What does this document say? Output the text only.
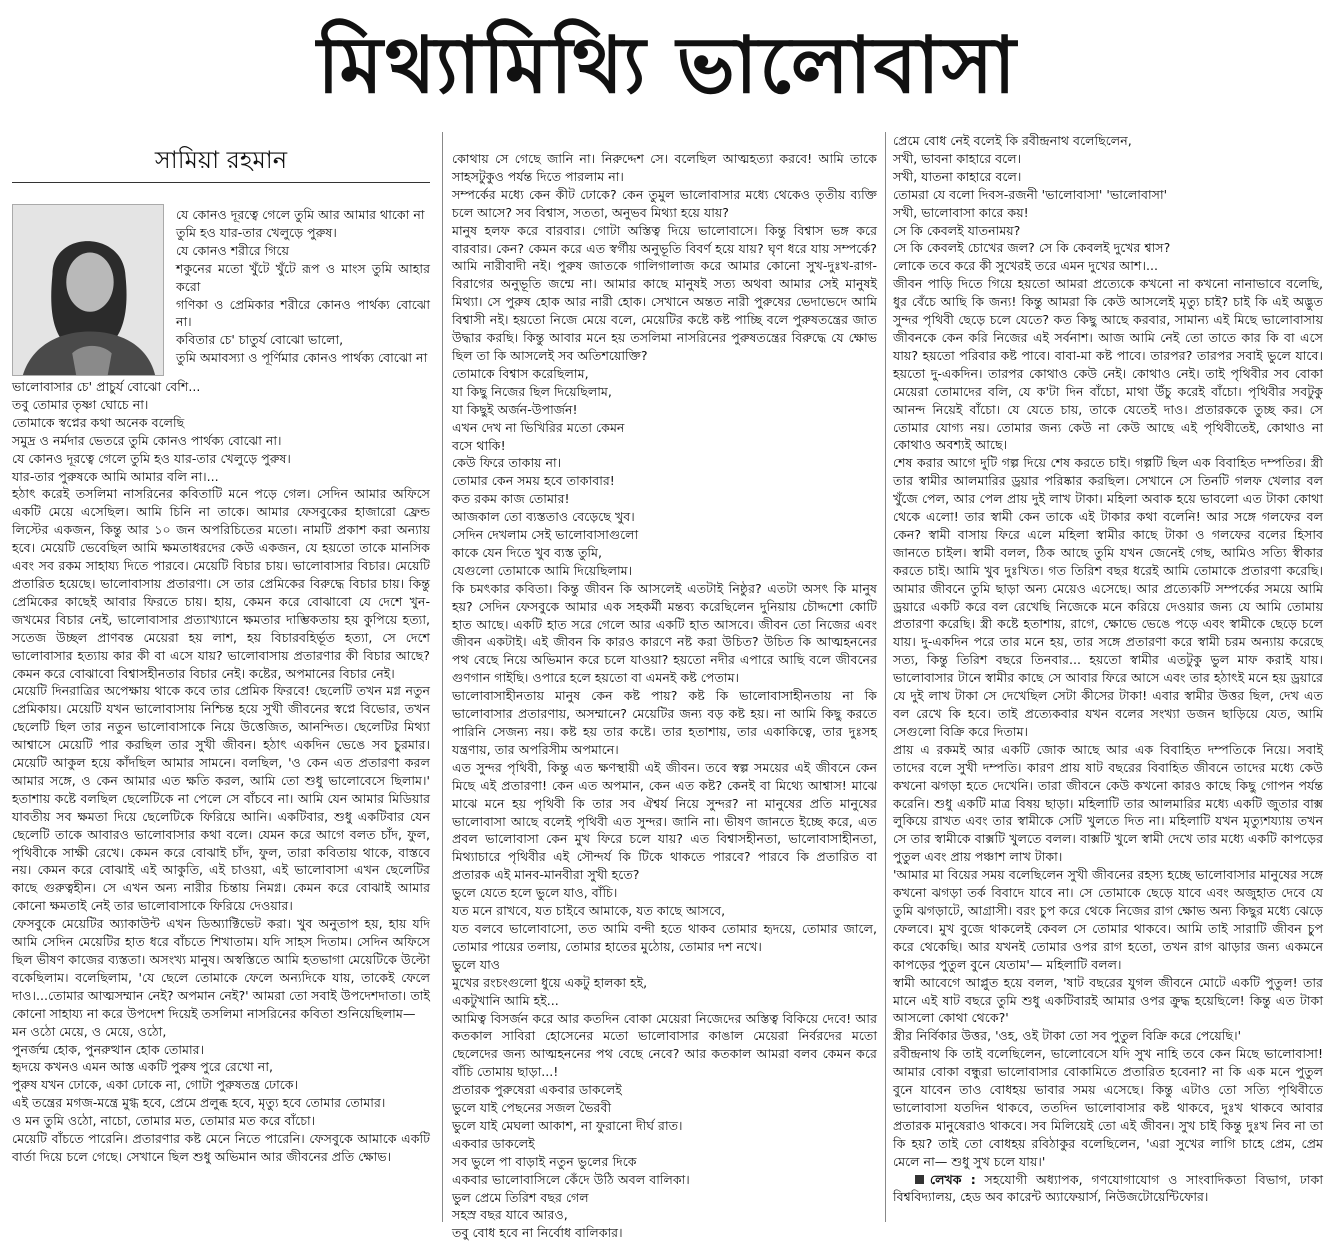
মিথ্যামিথ্যি ভালোবাসা
সামিয়া রহমান

যে কোনও দূরত্বে গেলে তুমি আর আমার থাকো না
তুমি হও যার-তার খেলুড়ে পুরুষ।
যে কোনও শরীরে গিয়ে
শকুনের মতো খুঁটে খুঁটে রূপ ও মাংস তুমি আহার করো
গণিকা ও প্রেমিকার শরীরে কোনও পার্থক্য বোঝো না।
কবিতার চে' চাতুর্য বোঝো ভালো,
তুমি অমাবস্যা ও পূর্ণিমার কোনও পার্থক্য বোঝো না

ভালোবাসার চে' প্রাচুর্য বোঝো বেশি...
তবু তোমার তৃষ্ণা ঘোচে না।
তোমাকে স্বপ্নের কথা অনেক বলেছি
সমুদ্র ও নর্মদার ভেতরে তুমি কোনও পার্থক্য বোঝো না।
যে কোনও দূরত্বে গেলে তুমি হও যার-তার খেলুড়ে পুরুষ।
যার-তার পুরুষকে আমি আমার বলি না।...
হঠাৎ করেই তসলিমা নাসরিনের কবিতাটি মনে পড়ে গেল। সেদিন আমার অফিসে একটি মেয়ে এসেছিল। আমি চিনি না তাকে। আমার ফেসবুকের হাজারো ফ্রেন্ড লিস্টের একজন, কিন্তু আর ১০ জন অপরিচিতের মতো। নামটি প্রকাশ করা অন্যায় হবে। মেয়েটি ভেবেছিল আমি ক্ষমতাধরদের কেউ একজন, যে হয়তো তাকে মানসিক এবং সব রকম সাহায্য দিতে পারবে। মেয়েটি বিচার চায়। ভালোবাসার বিচার। মেয়েটি প্রতারিত হয়েছে। ভালোবাসায় প্রতারণা। সে তার প্রেমিকের বিরুদ্ধে বিচার চায়। কিন্তু প্রেমিকের কাছেই আবার ফিরতে চায়। হায়, কেমন করে বোঝাবো যে দেশে খুন-জখমের বিচার নেই, ভালোবাসার প্রত্যাখ্যানে ক্ষমতার দাম্ভিকতায় হয় কুপিয়ে হত্যা, সতেজ উচ্ছল প্রাণবন্ত মেয়েরা হয় লাশ, হয় বিচারবহির্ভূত হত্যা, সে দেশে ভালোবাসার হত্যায় কার কী বা এসে যায়? ভালোবাসায় প্রতারণার কী বিচার আছে? কেমন করে বোঝাবো বিশ্বাসহীনতার বিচার নেই। কষ্টের, অপমানের বিচার নেই।
মেয়েটি দিনরাত্রির অপেক্ষায় থাকে কবে তার প্রেমিক ফিরবে! ছেলেটি তখন মগ্ন নতুন প্রেমিকায়। মেয়েটি যখন ভালোবাসায় নিশ্চিন্ত হয়ে সুখী জীবনের স্বপ্নে বিভোর, তখন ছেলেটি ছিল তার নতুন ভালোবাসাকে নিয়ে উত্তেজিত, আনন্দিত। ছেলেটির মিথ্যা আশ্বাসে মেয়েটি পার করছিল তার সুখী জীবন। হঠাৎ একদিন ভেঙে সব চুরমার। মেয়েটি আকুল হয়ে কাঁদছিল আমার সামনে। বলছিল, 'ও কেন এত প্রতারণা করল আমার সঙ্গে, ও কেন আমার এত ক্ষতি করল, আমি তো শুধু ভালোবেসে ছিলাম।' হতাশায় কষ্টে বলছিল ছেলেটিকে না পেলে সে বাঁচবে না। আমি যেন আমার মিডিয়ার যাবতীয় সব ক্ষমতা দিয়ে ছেলেটিকে ফিরিয়ে আনি। একটিবার, শুধু একটিবার যেন ছেলেটি তাকে আবারও ভালোবাসার কথা বলে। যেমন করে আগে বলত চাঁদ, ফুল, পৃথিবীকে সাক্ষী রেখে। কেমন করে বোঝাই চাঁদ, ফুল, তারা কবিতায় থাকে, বাস্তবে নয়। কেমন করে বোঝাই এই আকুতি, এই চাওয়া, এই ভালোবাসা এখন ছেলেটির কাছে গুরুত্বহীন। সে এখন অন্য নারীর চিন্তায় নিমগ্ন। কেমন করে বোঝাই আমার কোনো ক্ষমতাই নেই তার ভালোবাসাকে ফিরিয়ে দেওয়ার।
ফেসবুকে মেয়েটির অ্যাকাউন্ট এখন ডিঅ্যাক্টিভেট করা। খুব অনুতাপ হয়, হায় যদি আমি সেদিন মেয়েটির হাত ধরে বাঁচতে শিখাতাম। যদি সাহস দিতাম। সেদিন অফিসে ছিল ভীষণ কাজের ব্যস্ততা। অসংখ্য মানুষ। অস্বস্তিতে আমি হতভাগা মেয়েটিকে উল্টো বকেছিলাম। বলেছিলাম, 'যে ছেলে তোমাকে ফেলে অন্যদিকে যায়, তাকেই ফেলে দাও।...তোমার আত্মসম্মান নেই? অপমান নেই?' আমরা তো সবাই উপদেশদাতা। তাই কোনো সাহায্য না করে উপদেশ দিয়েই তসলিমা নাসরিনের কবিতা শুনিয়েছিলাম—
মন ওঠো মেয়ে, ও মেয়ে, ওঠো,
পুনর্জন্ম হোক, পুনরুত্থান হোক তোমার।
হৃদয়ে কখনও এমন আস্ত একটি পুরুষ পুরে রেখো না,
পুরুষ যখন ঢোকে, একা ঢোকে না, গোটা পুরুষতন্ত্র ঢোকে।
এই তন্ত্রের মগজ-মন্ত্রে মুগ্ধ হবে, প্রেমে প্রলুব্ধ হবে, মৃত্যু হবে তোমার তোমার।
ও মন তুমি ওঠো, নাচো, তোমার মত, তোমার মত করে বাঁচো।
মেয়েটি বাঁচতে পারেনি। প্রতারণার কষ্ট মেনে নিতে পারেনি। ফেসবুকে আমাকে একটি বার্তা দিয়ে চলে গেছে। সেখানে ছিল শুধু অভিমান আর জীবনের প্রতি ক্ষোভ।

কোথায় সে গেছে জানি না। নিরুদ্দেশ সে। বলেছিল আত্মহত্যা করবে! আমি তাকে সাহসটুকুও পর্যন্ত দিতে পারলাম না।
সম্পর্কের মধ্যে কেন কীট ঢোকে? কেন তুমুল ভালোবাসার মধ্যে থেকেও তৃতীয় ব্যক্তি চলে আসে? সব বিশ্বাস, সততা, অনুভব মিথ্যা হয়ে যায়?
মানুষ হলফ করে বারবার। গোটা অস্তিত্ব দিয়ে ভালোবাসে। কিন্তু বিশ্বাস ভঙ্গ করে বারবার। কেন? কেমন করে এত স্বর্গীয় অনুভূতি বিবর্ণ হয়ে যায়? ঘৃণ ধরে যায় সম্পর্কে? আমি নারীবাদী নই। পুরুষ জাতকে গালিগালাজ করে আমার কোনো সুখ-দুঃখ-রাগ-বিরাগের অনুভূতি জন্মে না। আমার কাছে মানুষই সত্য অথবা আমার সেই মানুষই মিথ্যা। সে পুরুষ হোক আর নারী হোক। সেখানে অন্তত নারী পুরুষের ভেদাভেদে আমি বিশ্বাসী নই। হয়তো নিজে মেয়ে বলে, মেয়েটির কষ্টে কষ্ট পাচ্ছি বলে পুরুষতন্ত্রের জাত উদ্ধার করছি। কিন্তু আবার মনে হয় তসলিমা নাসরিনের পুরুষতন্ত্রের বিরুদ্ধে যে ক্ষোভ ছিল তা কি আসলেই সব অতিশয়োক্তি?
তোমাকে বিশ্বাস করেছিলাম,
যা কিছু নিজের ছিল দিয়েছিলাম,
যা কিছুই অর্জন-উপার্জন!
এখন দেখ না ভিখিরির মতো কেমন
বসে থাকি!
কেউ ফিরে তাকায় না।
তোমার কেন সময় হবে তাকাবার!
কত রকম কাজ তোমার!
আজকাল তো ব্যস্ততাও বেড়েছে খুব।
সেদিন দেখলাম সেই ভালোবাসাগুলো
কাকে যেন দিতে খুব ব্যস্ত তুমি,
যেগুলো তোমাকে আমি দিয়েছিলাম।
কি চমৎকার কবিতা। কিন্তু জীবন কি আসলেই এতটাই নিষ্ঠুর? এতটা অসৎ কি মানুষ হয়? সেদিন ফেসবুকে আমার এক সহকর্মী মন্তব্য করেছিলেন দুনিয়ায় চৌদ্দশো কোটি হাত আছে। একটি হাত সরে গেলে আর একটি হাত আসবে। জীবন তো নিজের এবং জীবন একটাই। এই জীবন কি কারও কারণে নষ্ট করা উচিত? উচিত কি আত্মহননের পথ বেছে নিয়ে অভিমান করে চলে যাওয়া? হয়তো নদীর এপারে আছি বলে জীবনের গুণগান গাইছি। ওপারে হলে হয়তো বা এমনই কষ্ট পেতাম।
ভালোবাসাহীনতায় মানুষ কেন কষ্ট পায়? কষ্ট কি ভালোবাসাহীনতায় না কি ভালোবাসার প্রতারণায়, অসম্মানে? মেয়েটির জন্য বড় কষ্ট হয়। না আমি কিছু করতে পারিনি সেজন্য নয়। কষ্ট হয় তার কষ্টে। তার হতাশায়, তার একাকিত্বে, তার দুঃসহ যন্ত্রণায়, তার অপরিসীম অপমানে।
এত সুন্দর পৃথিবী, কিন্তু এত ক্ষণস্থায়ী এই জীবন। তবে স্বল্প সময়ের এই জীবনে কেন মিছে এই প্রতারণা! কেন এত অপমান, কেন এত কষ্ট? কেনই বা মিথ্যে আশ্বাস! মাঝে মাঝে মনে হয় পৃথিবী কি তার সব ঐশ্বর্য নিয়ে সুন্দর? না মানুষের প্রতি মানুষের ভালোবাসা আছে বলেই পৃথিবী এত সুন্দর। জানি না। ভীষণ জানতে ইচ্ছে করে, এত প্রবল ভালোবাসা কেন মুখ ফিরে চলে যায়? এত বিশ্বাসহীনতা, ভালোবাসাহীনতা, মিথ্যাচারে পৃথিবীর এই সৌন্দর্য কি টিকে থাকতে পারবে? পারবে কি প্রতারিত বা প্রতারক এই মানব-মানবীরা সুখী হতে?
ভুলে যেতে হলে ভুলে যাও, বাঁচি।
যত মনে রাখবে, যত চাইবে আমাকে, যত কাছে আসবে,
যত বলবে ভালোবাসো, তত আমি বন্দী হতে থাকব তোমার হৃদয়ে, তোমার জালে, তোমার পায়ের তলায়, তোমার হাতের মুঠোয়, তোমার দশ নখে।
ভুলে যাও
মুখের রংচংগুলো ধুয়ে একটু হালকা হই,
একটুখানি আমি হই...
আমিত্ব বিসর্জন করে আর কতদিন বোকা মেয়েরা নিজেদের অস্তিত্ব বিকিয়ে দেবে! আর কতকাল সাবিরা হোসেনের মতো ভালোবাসার কাঙাল মেয়েরা নির্বরদের মতো ছেলেদের জন্য আত্মহননের পথ বেছে নেবে? আর কতকাল আমরা বলব কেমন করে বাঁচি তোমায় ছাড়া...!
প্রতারক পুরুষেরা একবার ডাকলেই
ভুলে যাই পেছনের সজল ভৈরবী
ভুলে যাই মেঘলা আকাশ, না ফুরানো দীর্ঘ রাত।
একবার ডাকলেই
সব ভুলে পা বাড়াই নতুন ভুলের দিকে
একবার ভালোবাসিলে কেঁদে উঠি অবল বালিকা।
ভুল প্রেমে তিরিশ বছর গেল
সহস্র বছর যাবে আরও,
তবু বোধ হবে না নির্বোধ বালিকার।

প্রেমে বোধ নেই বলেই কি রবীন্দ্রনাথ বলেছিলেন,
সখী, ভাবনা কাহারে বলে।
সখী, যাতনা কাহারে বলে।
তোমরা যে বলো দিবস-রজনী 'ভালোবাসা' 'ভালোবাসা'
সখী, ভালোবাসা কারে কয়!
সে কি কেবলই যাতনাময়?
সে কি কেবলই চোখের জল? সে কি কেবলই দুখের শ্বাস?
লোকে তবে করে কী সুখেরই তরে এমন দুখের আশ।...
জীবন পাড়ি দিতে গিয়ে হয়তো আমরা প্রত্যেকে কখনো না কখনো নানাভাবে বলেছি, ধুর বেঁচে আছি কি জন্য! কিন্তু আমরা কি কেউ আসলেই মৃত্যু চাই? চাই কি এই অদ্ভুত সুন্দর পৃথিবী ছেড়ে চলে যেতে? কত কিছু আছে করবার, সামান্য এই মিছে ভালোবাসায় জীবনকে কেন করি নিজের এই সর্বনাশ। আজ আমি নেই তো তাতে কার কি বা এসে যায়? হয়তো পরিবার কষ্ট পাবে। বাবা-মা কষ্ট পাবে। তারপর? তারপর সবাই ভুলে যাবে। হয়তো দু-একদিন। তারপর কোথাও কেউ নেই। কোথাও নেই। তাই পৃথিবীর সব বোকা মেয়েরা তোমাদের বলি, যে ক'টা দিন বাঁচো, মাথা উঁচু করেই বাঁচো। পৃথিবীর সবটুকু আনন্দ নিয়েই বাঁচো। যে যেতে চায়, তাকে যেতেই দাও। প্রতারককে তুচ্ছ কর। সে তোমার যোগ্য নয়। তোমার জন্য কেউ না কেউ আছে এই পৃথিবীতেই, কোথাও না কোথাও অবশ্যই আছে।
শেষ করার আগে দুটি গল্প দিয়ে শেষ করতে চাই। গল্পটি ছিল এক বিবাহিত দম্পতির। স্ত্রী তার স্বামীর আলমারির ড্রয়ার পরিষ্কার করছিল। সেখানে সে তিনটি গলফ খেলার বল খুঁজে পেল, আর পেল প্রায় দুই লাখ টাকা। মহিলা অবাক হয়ে ভাবলো এত টাকা কোথা থেকে এলো! তার স্বামী কেন তাকে এই টাকার কথা বলেনি! আর সঙ্গে গলফের বল কেন? স্বামী বাসায় ফিরে এলে মহিলা স্বামীর কাছে টাকা ও গলফের বলের হিসাব জানতে চাইল। স্বামী বলল, ঠিক আছে তুমি যখন জেনেই গেছ, আমিও সত্যি স্বীকার করতে চাই। আমি খুব দুঃখিত। গত তিরিশ বছর ধরেই আমি তোমাকে প্রতারণা করেছি। আমার জীবনে তুমি ছাড়া অন্য মেয়েও এসেছে। আর প্রত্যেকটি সম্পর্কের সময়ে আমি ড্রয়ারে একটি করে বল রেখেছি নিজেকে মনে করিয়ে দেওয়ার জন্য যে আমি তোমায় প্রতারণা করেছি। স্ত্রী কষ্টে হতাশায়, রাগে, ক্ষোভে ভেঙে পড়ে এবং স্বামীকে ছেড়ে চলে যায়। দু-একদিন পরে তার মনে হয়, তার সঙ্গে প্রতারণা করে স্বামী চরম অন্যায় করেছে সত্য, কিন্তু তিরিশ বছরে তিনবার... হয়তো স্বামীর এতটুকু ভুল মাফ করাই যায়। ভালোবাসার টানে স্বামীর কাছে সে আবার ফিরে আসে এবং তার হঠাৎই মনে হয় ড্রয়ারে যে দুই লাখ টাকা সে দেখেছিল সেটা কীসের টাকা! এবার স্বামীর উত্তর ছিল, দেখ এত বল রেখে কি হবে। তাই প্রত্যেকবার যখন বলের সংখ্যা ডজন ছাড়িয়ে যেত, আমি সেগুলো বিক্রি করে দিতাম।
প্রায় এ রকমই আর একটি জোক আছে আর এক বিবাহিত দম্পতিকে নিয়ে। সবাই তাদের বলে সুখী দম্পতি। কারণ প্রায় ষাট বছরের বিবাহিত জীবনে তাদের মধ্যে কেউ কখনো ঝগড়া হতে দেখেনি। তারা জীবনে কেউ কখনো কারও কাছে কিছু গোপন পর্যন্ত করেনি। শুধু একটি মাত্র বিষয় ছাড়া। মহিলাটি তার আলমারির মধ্যে একটি জুতার বাক্স লুকিয়ে রাখত এবং তার স্বামীকে সেটি খুলতে দিত না। মহিলাটি যখন মৃত্যুশয্যায় তখন সে তার স্বামীকে বাক্সটি খুলতে বলল। বাক্সটি খুলে স্বামী দেখে তার মধ্যে একটি কাপড়ের পুতুল এবং প্রায় পঞ্চাশ লাখ টাকা।
'আমার মা বিয়ের সময় বলেছিলেন সুখী জীবনের রহস্য হচ্ছে ভালোবাসার মানুষের সঙ্গে কখনো ঝগড়া তর্ক বিবাদে যাবে না। সে তোমাকে ছেড়ে যাবে এবং অজুহাত দেবে যে তুমি ঝগড়াটে, আগ্রাসী। বরং চুপ করে থেকে নিজের রাগ ক্ষোভ অন্য কিছুর মধ্যে ঝেড়ে ফেলবে। মুখ বুজে থাকলেই কেবল সে তোমার থাকবে। আমি তাই সারাটি জীবন চুপ করে থেকেছি। আর যখনই তোমার ওপর রাগ হতো, তখন রাগ ঝাড়ার জন্য একমনে কাপড়ের পুতুল বুনে যেতাম'— মহিলাটি বলল।
স্বামী আবেগে আপ্লুত হয়ে বলল, 'ষাট বছরের যুগল জীবনে মোটে একটি পুতুল! তার মানে এই ষাট বছরে তুমি শুধু একটিবারই আমার ওপর ক্রুদ্ধ হয়েছিলে! কিন্তু এত টাকা আসলো কোথা থেকে?'
স্ত্রীর নির্বিকার উত্তর, 'ওহ, ওই টাকা তো সব পুতুল বিক্রি করে পেয়েছি।'
রবীন্দ্রনাথ কি তাই বলেছিলেন, ভালোবেসে যদি সুখ নাহি তবে কেন মিছে ভালোবাসা! আমার বোকা বন্ধুরা ভালোবাসার বোকামিতে প্রতারিত হবেনা? না কি এক মনে পুতুল বুনে যাবেন তাও বোধহয় ভাবার সময় এসেছে। কিন্তু এটাও তো সত্যি পৃথিবীতে ভালোবাসা যতদিন থাকবে, ততদিন ভালোবাসার কষ্ট থাকবে, দুঃখ থাকবে আবার প্রতারক মানুষেরাও থাকবে। সব মিলিয়েই তো এই জীবন। সুখ চাই কিন্তু দুঃখ নিব না তা কি হয়? তাই তো বোধহয় রবিঠাকুর বলেছিলেন, 'এরা সুখের লাগি চাহে প্রেম, প্রেম মেলে না— শুধু সুখ চলে যায়।'

লেখক : সহযোগী অধ্যাপক, গণযোগাযোগ ও সাংবাদিকতা বিভাগ, ঢাকা বিশ্ববিদ্যালয়, হেড অব কারেন্ট অ্যাফেয়ার্স, নিউজটোয়েন্টিফোর।
